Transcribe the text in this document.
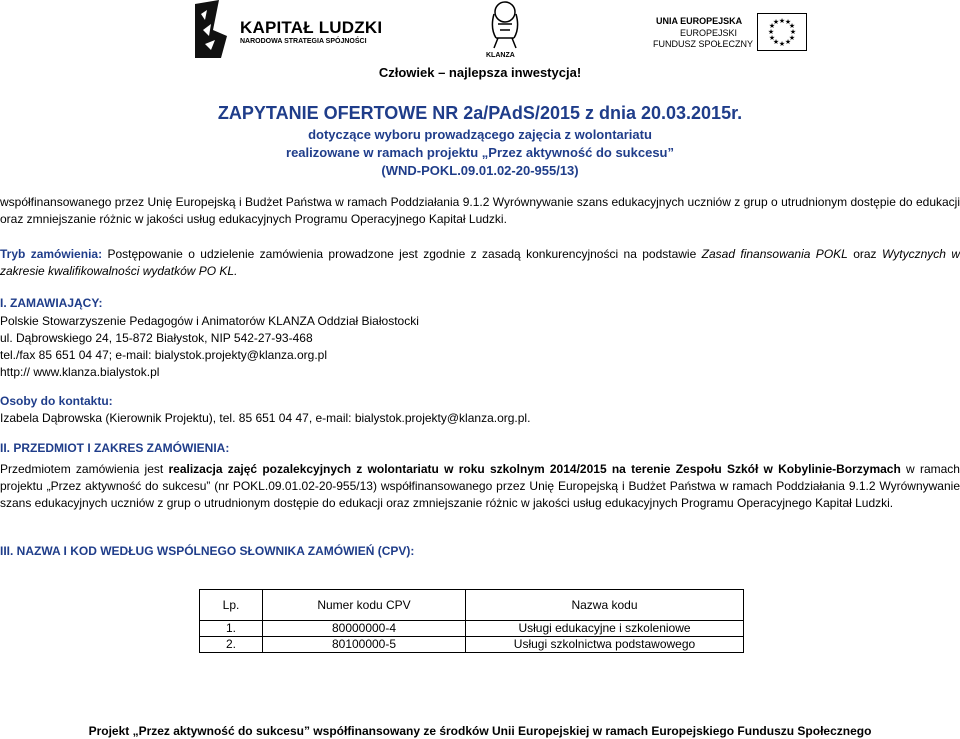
KAPITAŁ LUDZKI
NARODOWA STRATEGIA SPÓJNOŚCI
KLANZA
UNIA EUROPEJSKA
EUROPEJSKI
FUNDUSZ SPOŁECZNY
★ ★
★
★
★
★
★
★
★
★
★
★
Człowiek – najlepsza inwestycja!
ZAPYTANIE OFERTOWE NR 2a/PAdS/2015 z dnia 20.03.2015r.
dotyczące wyboru prowadzącego zajęcia z wolontariatu
realizowane w ramach projektu „Przez aktywność do sukcesu”
(WND-POKL.09.01.02-20-955/13)
współfinansowanego przez Unię Europejską i Budżet Państwa w ramach Poddziałania 9.1.2 Wyrównywanie szans edukacyjnych uczniów z grup o utrudnionym dostępie do edukacji oraz zmniejszanie różnic w jakości usług edukacyjnych Programu Operacyjnego Kapitał Ludzki.
Tryb zamówienia: Postępowanie o udzielenie zamówienia prowadzone jest zgodnie z zasadą konkurencyjności na podstawie Zasad finansowania POKL oraz Wytycznych w zakresie kwalifikowalności wydatków PO KL.
I. ZAMAWIAJĄCY:
Polskie Stowarzyszenie Pedagogów i Animatorów KLANZA Oddział Białostocki
ul. Dąbrowskiego 24, 15-872 Białystok, NIP 542-27-93-468
tel./fax 85 651 04 47; e-mail: bialystok.projekty@klanza.org.pl
http:// www.klanza.bialystok.pl
Osoby do kontaktu:
Izabela Dąbrowska (Kierownik Projektu), tel. 85 651 04 47, e-mail: bialystok.projekty@klanza.org.pl.
II. PRZEDMIOT I ZAKRES ZAMÓWIENIA:
Przedmiotem zamówienia jest realizacja zajęć pozalekcyjnych z wolontariatu w roku szkolnym 2014/2015 na terenie Zespołu Szkół w Kobylinie-Borzymach w ramach projektu „Przez aktywność do sukcesu” (nr POKL.09.01.02-20-955/13) współfinansowanego przez Unię Europejską i Budżet Państwa w ramach Poddziałania 9.1.2 Wyrównywanie szans edukacyjnych uczniów z grup o utrudnionym dostępie do edukacji oraz zmniejszanie różnic w jakości usług edukacyjnych Programu Operacyjnego Kapitał Ludzki.
III. NAZWA I KOD WEDŁUG WSPÓLNEGO SŁOWNIKA ZAMÓWIEŃ (CPV):
Lp.	Numer kodu CPV	Nazwa kodu
1.	80000000-4	Usługi edukacyjne i szkoleniowe
2.	80100000-5	Usługi szkolnictwa podstawowego
Projekt „Przez aktywność do sukcesu” współfinansowany ze środków Unii Europejskiej w ramach Europejskiego Funduszu Społecznego
